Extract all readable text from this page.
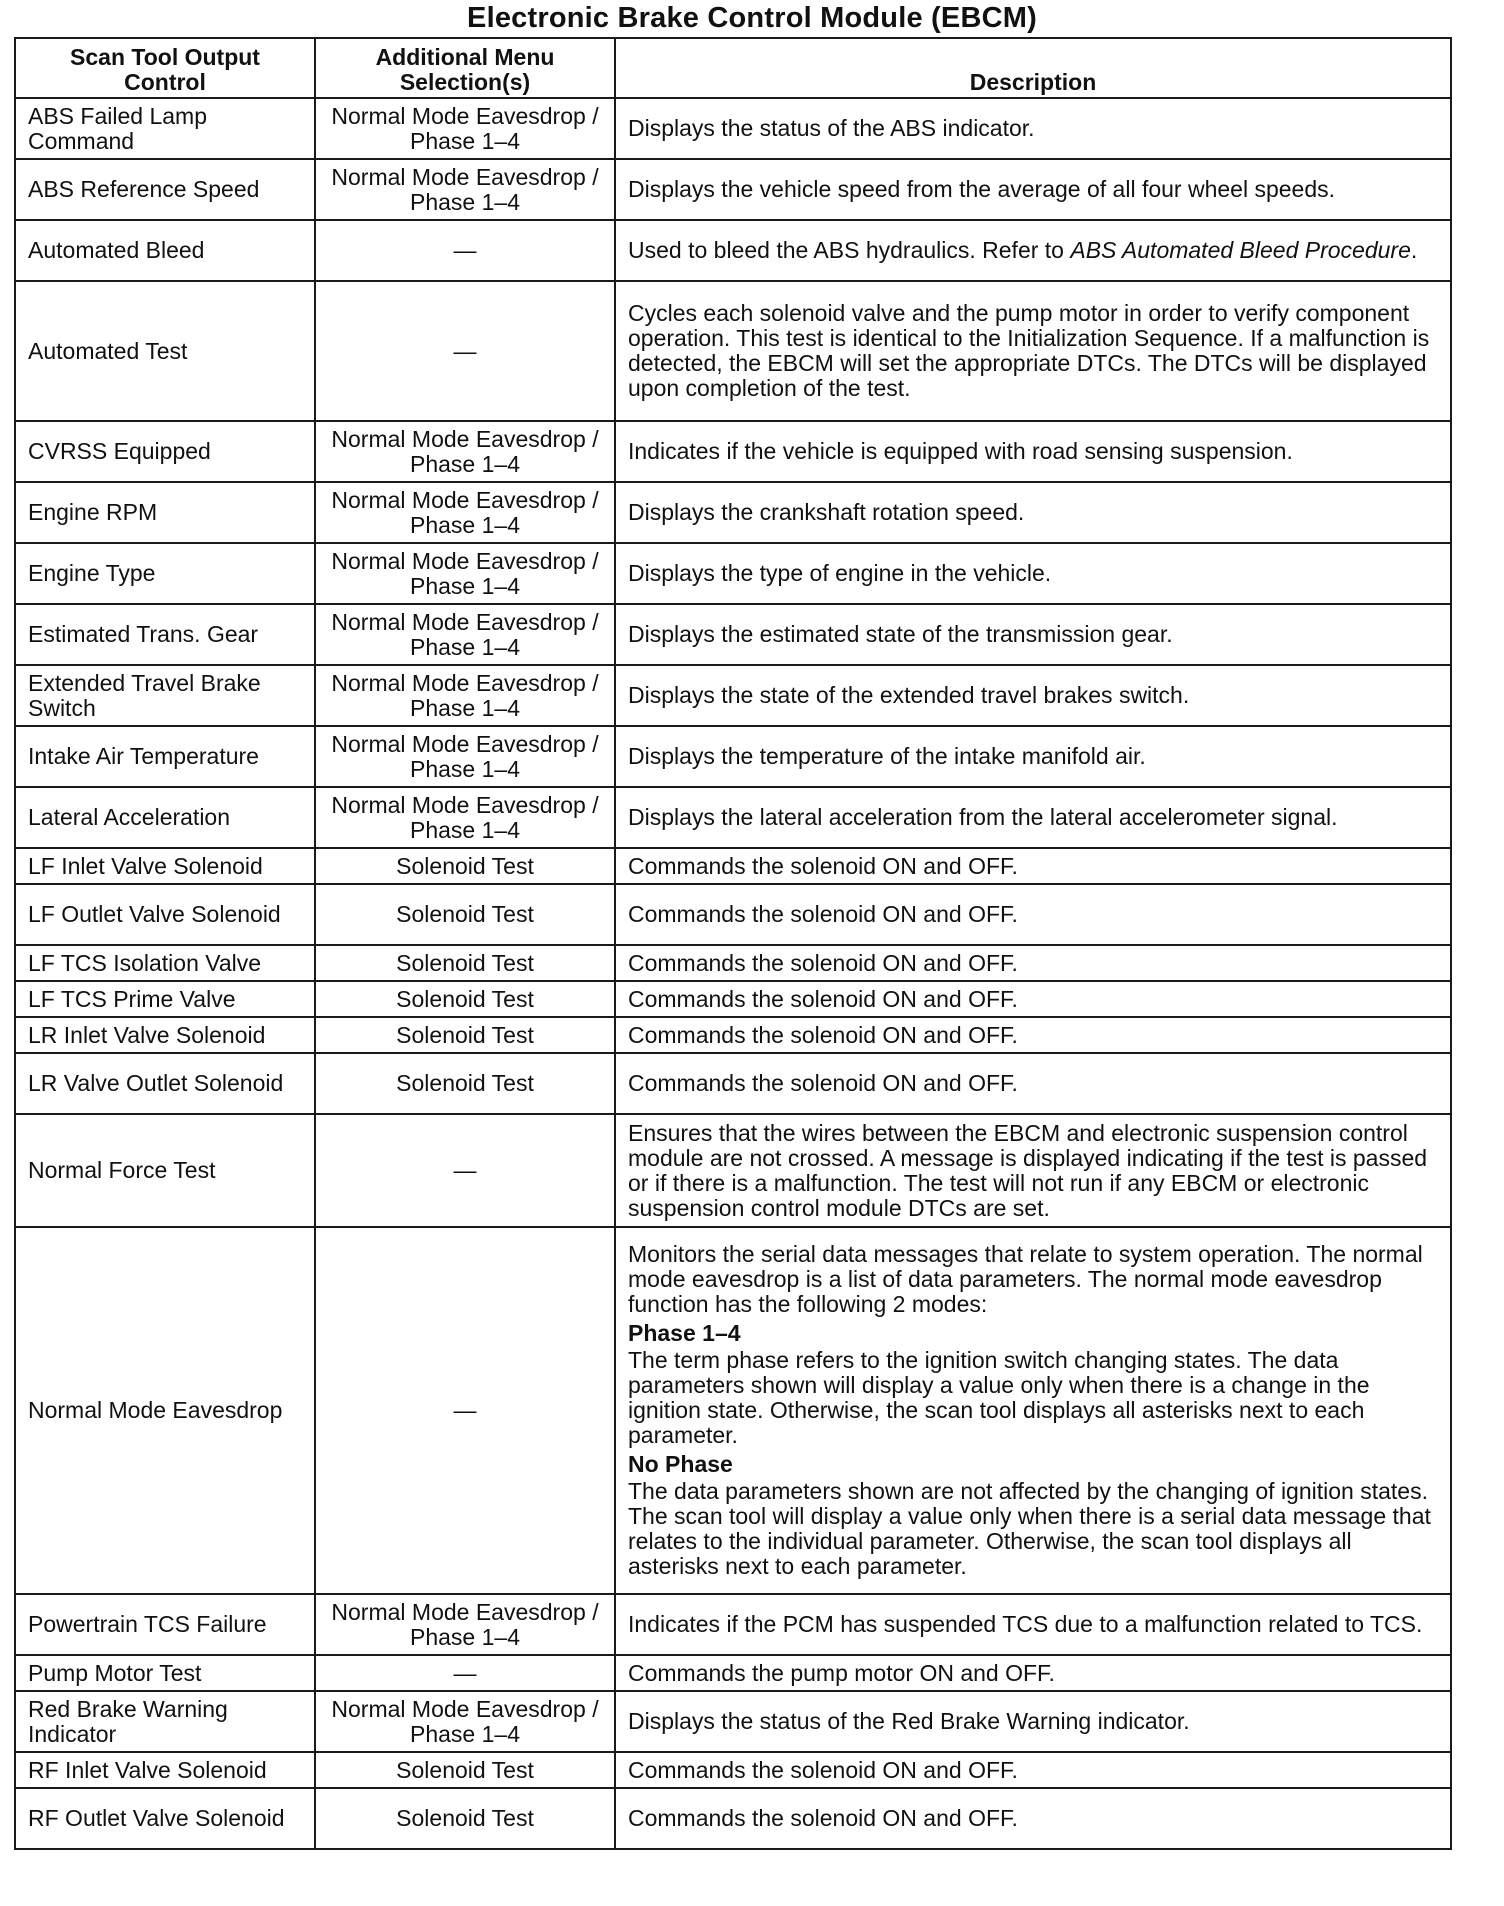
Electronic Brake Control Module (EBCM)
Scan Tool Output Control	Additional Menu Selection(s)	Description
ABS Failed Lamp Command	Normal Mode Eavesdrop / Phase 1–4	Displays the status of the ABS indicator.
ABS Reference Speed	Normal Mode Eavesdrop / Phase 1–4	Displays the vehicle speed from the average of all four wheel speeds.
Automated Bleed	—	Used to bleed the ABS hydraulics. Refer to ABS Automated Bleed Procedure.
Automated Test	—	Cycles each solenoid valve and the pump motor in order to verify component operation. This test is identical to the Initialization Sequence. If a malfunction is detected, the EBCM will set the appropriate DTCs. The DTCs will be displayed upon completion of the test.
CVRSS Equipped	Normal Mode Eavesdrop / Phase 1–4	Indicates if the vehicle is equipped with road sensing suspension.
Engine RPM	Normal Mode Eavesdrop / Phase 1–4	Displays the crankshaft rotation speed.
Engine Type	Normal Mode Eavesdrop / Phase 1–4	Displays the type of engine in the vehicle.
Estimated Trans. Gear	Normal Mode Eavesdrop / Phase 1–4	Displays the estimated state of the transmission gear.
Extended Travel Brake Switch	Normal Mode Eavesdrop / Phase 1–4	Displays the state of the extended travel brakes switch.
Intake Air Temperature	Normal Mode Eavesdrop / Phase 1–4	Displays the temperature of the intake manifold air.
Lateral Acceleration	Normal Mode Eavesdrop / Phase 1–4	Displays the lateral acceleration from the lateral accelerometer signal.
LF Inlet Valve Solenoid	Solenoid Test	Commands the solenoid ON and OFF.
LF Outlet Valve Solenoid	Solenoid Test	Commands the solenoid ON and OFF.
LF TCS Isolation Valve	Solenoid Test	Commands the solenoid ON and OFF.
LF TCS Prime Valve	Solenoid Test	Commands the solenoid ON and OFF.
LR Inlet Valve Solenoid	Solenoid Test	Commands the solenoid ON and OFF.
LR Valve Outlet Solenoid	Solenoid Test	Commands the solenoid ON and OFF.
Normal Force Test	—	Ensures that the wires between the EBCM and electronic suspension control module are not crossed. A message is displayed indicating if the test is passed or if there is a malfunction. The test will not run if any EBCM or electronic suspension control module DTCs are set.
Normal Mode Eavesdrop	—	Monitors the serial data messages that relate to system operation. The normal mode eavesdrop is a list of data parameters. The normal mode eavesdrop function has the following 2 modes:
Phase 1–4
The term phase refers to the ignition switch changing states. The data parameters shown will display a value only when there is a change in the ignition state. Otherwise, the scan tool displays all asterisks next to each parameter.
No Phase
The data parameters shown are not affected by the changing of ignition states. The scan tool will display a value only when there is a serial data message that relates to the individual parameter. Otherwise, the scan tool displays all asterisks next to each parameter.

Powertrain TCS Failure	Normal Mode Eavesdrop / Phase 1–4	Indicates if the PCM has suspended TCS due to a malfunction related to TCS.
Pump Motor Test	—	Commands the pump motor ON and OFF.
Red Brake Warning Indicator	Normal Mode Eavesdrop / Phase 1–4	Displays the status of the Red Brake Warning indicator.
RF Inlet Valve Solenoid	Solenoid Test	Commands the solenoid ON and OFF.
RF Outlet Valve Solenoid	Solenoid Test	Commands the solenoid ON and OFF.
